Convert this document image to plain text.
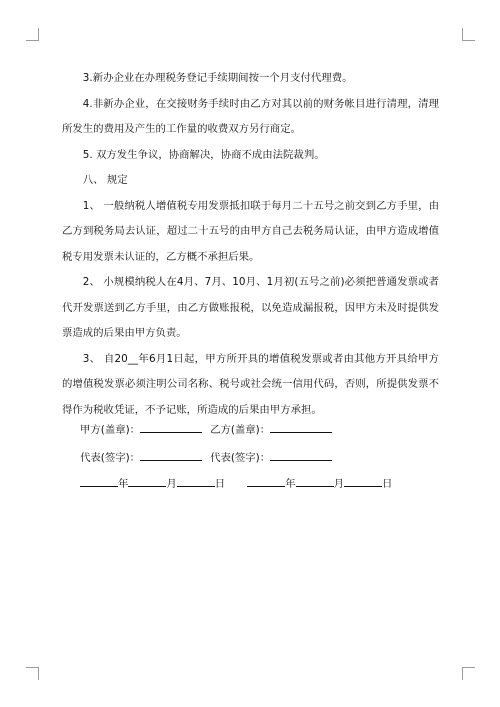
3.新办企业在办理税务登记手续期间按一个月支付代理费。

4.非新办企业，在交接财务手续时由乙方对其以前的财务帐目进行清理，清理所发生的费用及产生的工作量的收费双方另行商定。

5. 双方发生争议，协商解决，协商不成由法院裁判。

八、 规定

1、 一般纳税人增值税专用发票抵扣联于每月二十五号之前交到乙方手里，由乙方到税务局去认证，超过二十五号的由甲方自己去税务局认证，由甲方造成增值税专用发票未认证的，乙方概不承担后果。

2、 小规模纳税人在4月、7月、10月、1月初(五号之前)必须把普通发票或者代开发票送到乙方手里，由乙方做账报税，以免造成漏报税，因甲方未及时提供发票造成的后果由甲方负责。

3、 自20__年6月1日起，甲方所开具的增值税发票或者由其他方开具给甲方的增值税发票必须注明公司名称、税号或社会统一信用代码，否则，所提供发票不得作为税收凭证，不予记账，所造成的后果由甲方承担。

甲方(盖章)：	乙方(盖章)：
代表(签字)：	代表(签字)：
年	月	日	年	月	日
